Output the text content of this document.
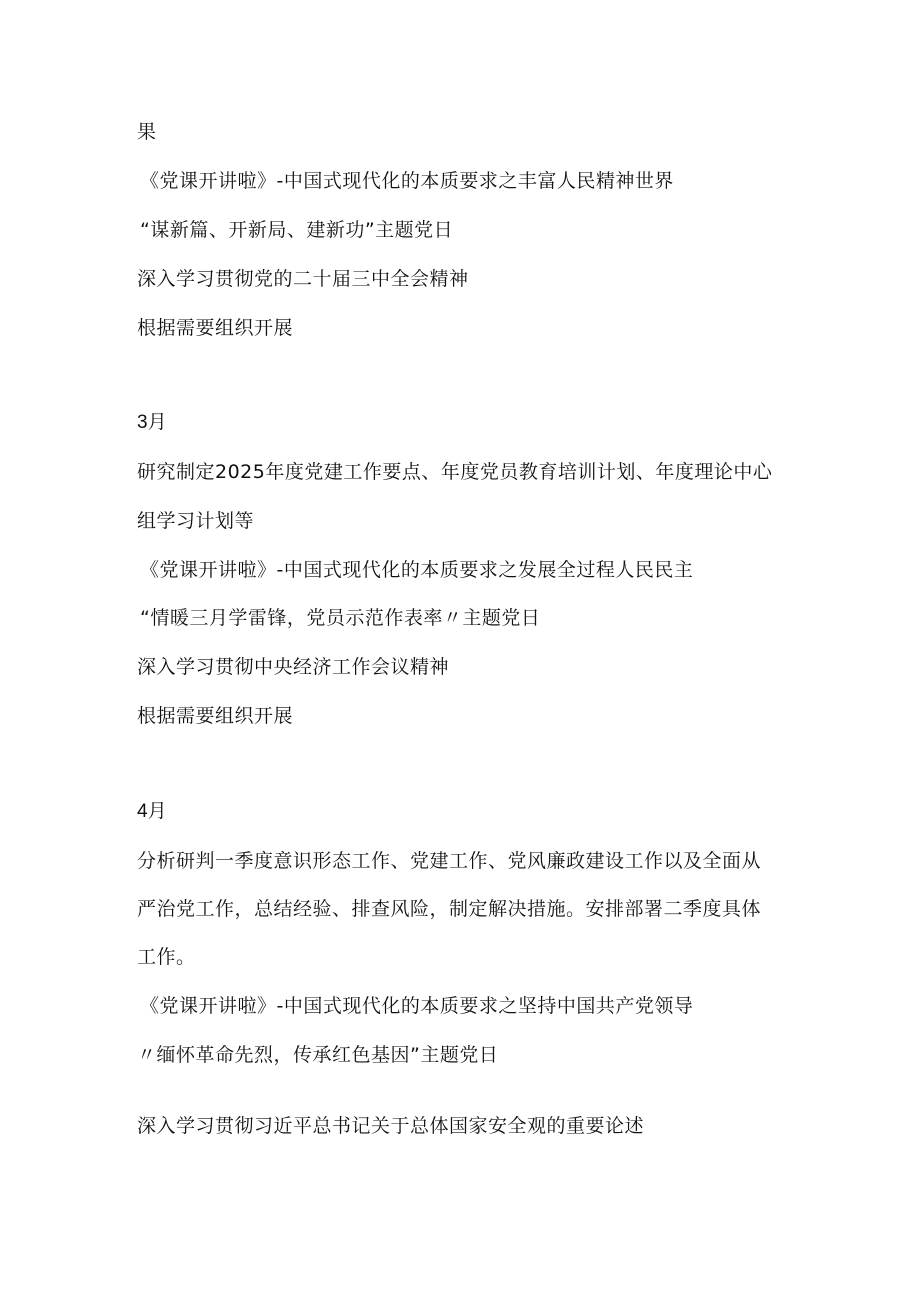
果
《党课开讲啦》-中国式现代化的本质要求之丰富人民精神世界
“谋新篇、开新局、建新功”主题党日
深入学习贯彻党的二十届三中全会精神
根据需要组织开展
3月
研究制定2025年度党建工作要点、年度党员教育培训计划、年度理论中心
组学习计划等
《党课开讲啦》-中国式现代化的本质要求之发展全过程人民民主
“情暖三月学雷锋，党员示范作表率〃主题党日
深入学习贯彻中央经济工作会议精神
根据需要组织开展
4月
分析研判一季度意识形态工作、党建工作、党风廉政建设工作以及全面从
严治党工作，总结经验、排查风险，制定解决措施。安排部署二季度具体
工作。
《党课开讲啦》-中国式现代化的本质要求之坚持中国共产党领导
〃缅怀革命先烈，传承红色基因”主题党日
深入学习贯彻习近平总书记关于总体国家安全观的重要论述
